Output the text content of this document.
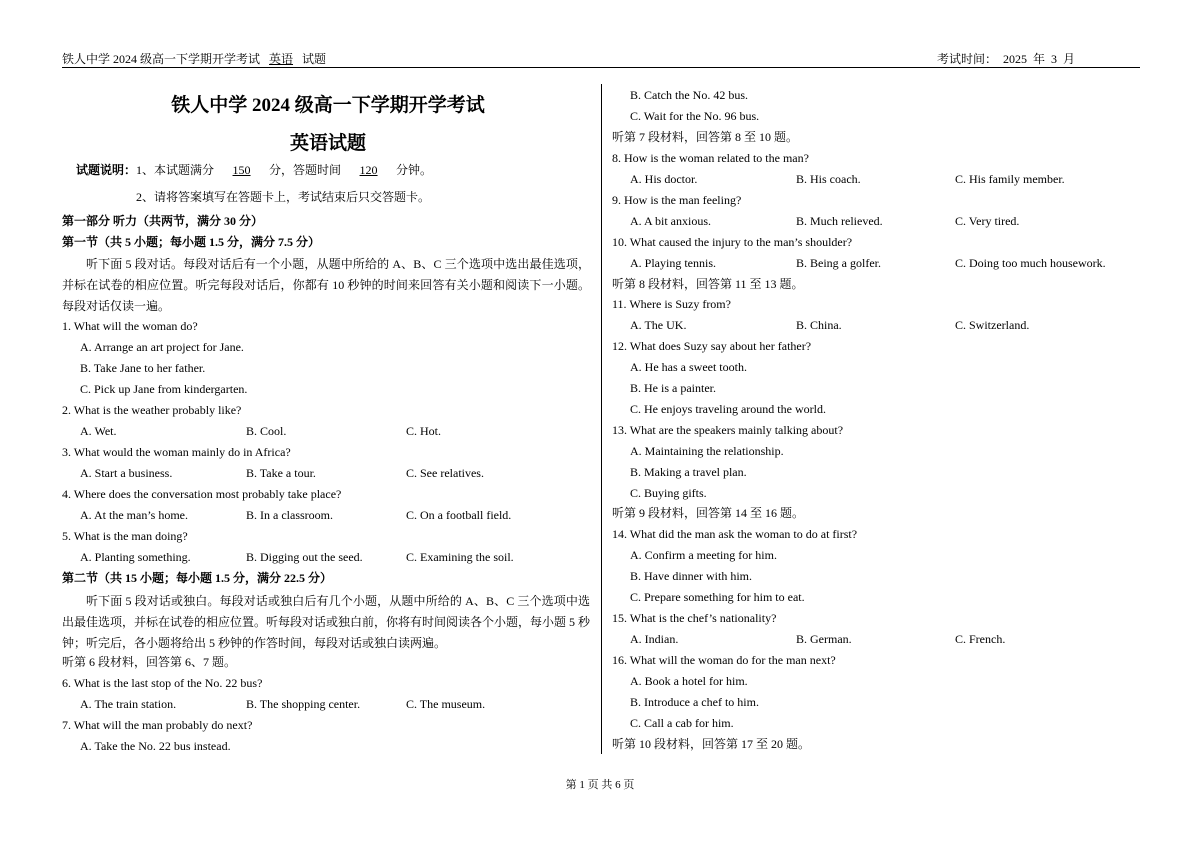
铁人中学 2024 级高一下学期开学考试 英语 试题	考试时间：  2025  年  3  月
铁人中学 2024 级高一下学期开学考试
英语试题
试题说明：1、本试题满分 150 分，答题时间 120 分钟。
2、请将答案填写在答题卡上，考试结束后只交答题卡。
第一部分 听力（共两节，满分 30 分）
第一节（共 5 小题；每小题 1.5 分，满分 7.5 分）
听下面 5 段对话。每段对话后有一个小题，从题中所给的 A、B、C 三个选项中选出最佳选项，并标在试卷的相应位置。听完每段对话后，你都有 10 秒钟的时间来回答有关小题和阅读下一小题。每段对话仅读一遍。
1. What will the woman do?
A. Arrange an art project for Jane.
B. Take Jane to her father.
C. Pick up Jane from kindergarten.
2. What is the weather probably like?
A. Wet.	B. Cool.	C. Hot.
3. What would the woman mainly do in Africa?
A. Start a business.	B. Take a tour.	C. See relatives.
4. Where does the conversation most probably take place?
A. At the man’s home.	B. In a classroom.	C. On a football field.
5. What is the man doing?
A. Planting something.	B. Digging out the seed.	C. Examining the soil.
第二节（共 15 小题；每小题 1.5 分，满分 22.5 分）
听下面 5 段对话或独白。每段对话或独白后有几个小题，从题中所给的 A、B、C 三个选项中选出最佳选项，并标在试卷的相应位置。听每段对话或独白前，你将有时间阅读各个小题，每小题 5 秒钟；听完后，各小题将给出 5 秒钟的作答时间，每段对话或独白读两遍。
听第 6 段材料，回答第 6、7 题。
6. What is the last stop of the No. 22 bus?
A. The train station.	B. The shopping center.	C. The museum.
7. What will the man probably do next?
A. Take the No. 22 bus instead.
B. Catch the No. 42 bus.
C. Wait for the No. 96 bus.
听第 7 段材料，回答第 8 至 10 题。
8. How is the woman related to the man?
A. His doctor.	B. His coach.	C. His family member.
9. How is the man feeling?
A. A bit anxious.	B. Much relieved.	C. Very tired.
10. What caused the injury to the man’s shoulder?
A. Playing tennis.	B. Being a golfer.	C. Doing too much housework.
听第 8 段材料，回答第 11 至 13 题。
11. Where is Suzy from?
A. The UK.	B. China.	C. Switzerland.
12. What does Suzy say about her father?
A. He has a sweet tooth.
B. He is a painter.
C. He enjoys traveling around the world.
13. What are the speakers mainly talking about?
A. Maintaining the relationship.
B. Making a travel plan.
C. Buying gifts.
听第 9 段材料，回答第 14 至 16 题。
14. What did the man ask the woman to do at first?
A. Confirm a meeting for him.
B. Have dinner with him.
C. Prepare something for him to eat.
15. What is the chef’s nationality?
A. Indian.	B. German.	C. French.
16. What will the woman do for the man next?
A. Book a hotel for him.
B. Introduce a chef to him.
C. Call a cab for him.
听第 10 段材料，回答第 17 至 20 题。
第 1 页 共 6 页
